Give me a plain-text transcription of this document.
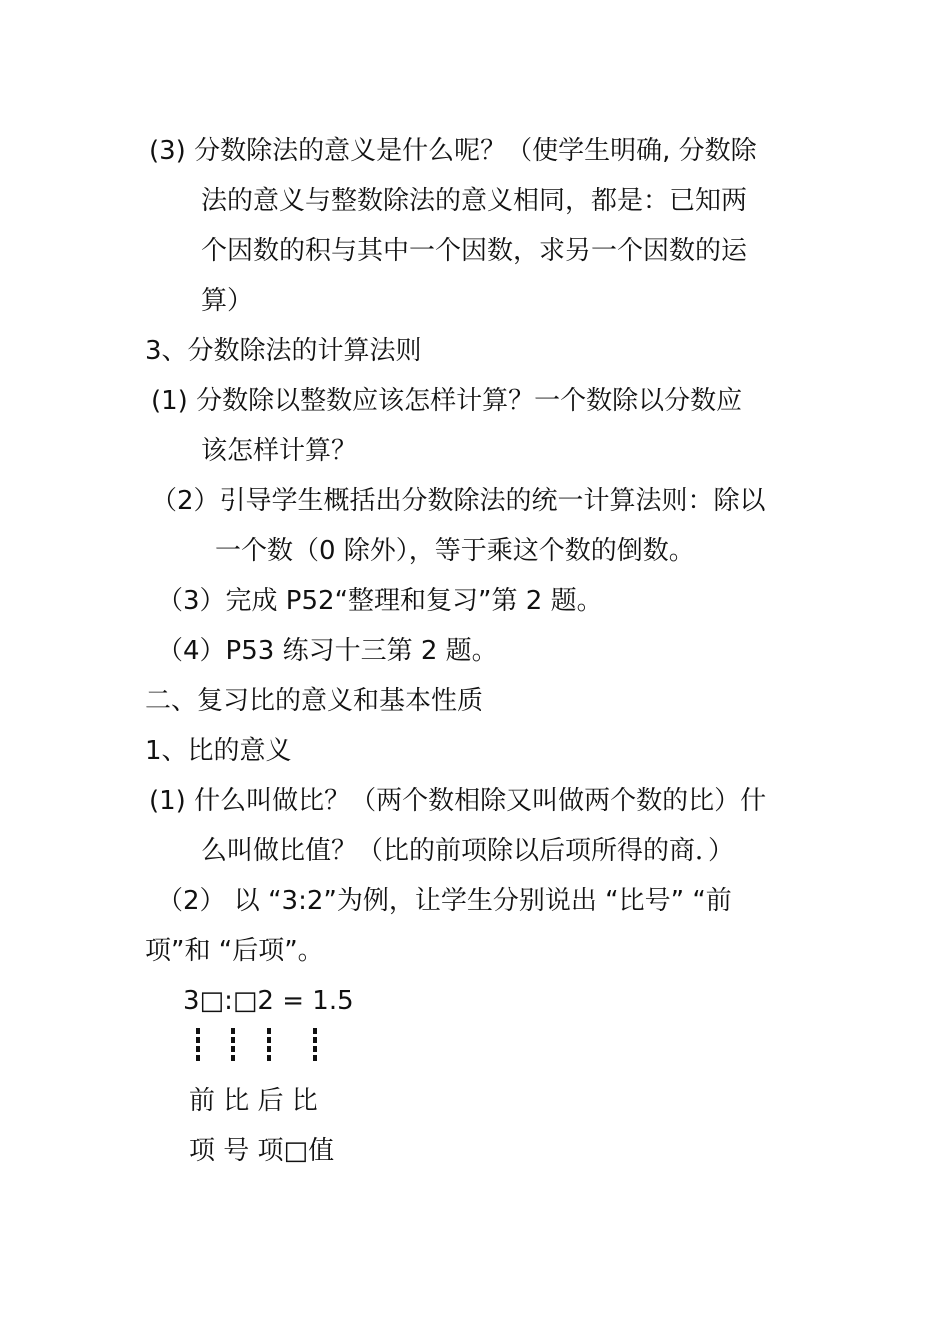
(3) 分数除法的意义是什么呢？（使学生明确, 分数除
法的意义与整数除法的意义相同，都是：已知两
个因数的积与其中一个因数，求另一个因数的运
算）
3、分数除法的计算法则
(1) 分数除以整数应该怎样计算？一个数除以分数应
该怎样计算？
（2）引导学生概括出分数除法的统一计算法则：除以
一个数（0 除外），等于乘这个数的倒数。
（3）完成 P52“整理和复习”第 2 题。
（4）P53 练习十三第 2 题。
二、复习比的意义和基本性质
1、比的意义
(1) 什么叫做比？（两个数相除又叫做两个数的比）什
么叫做比值？（比的前项除以后项所得的商．）
（2） 以 “3:2”为例，让学生分别说出 “比号” “前
项”和 “后项”。
3□:□2 = 1.5
前 比 后 比
项 号 项□值
